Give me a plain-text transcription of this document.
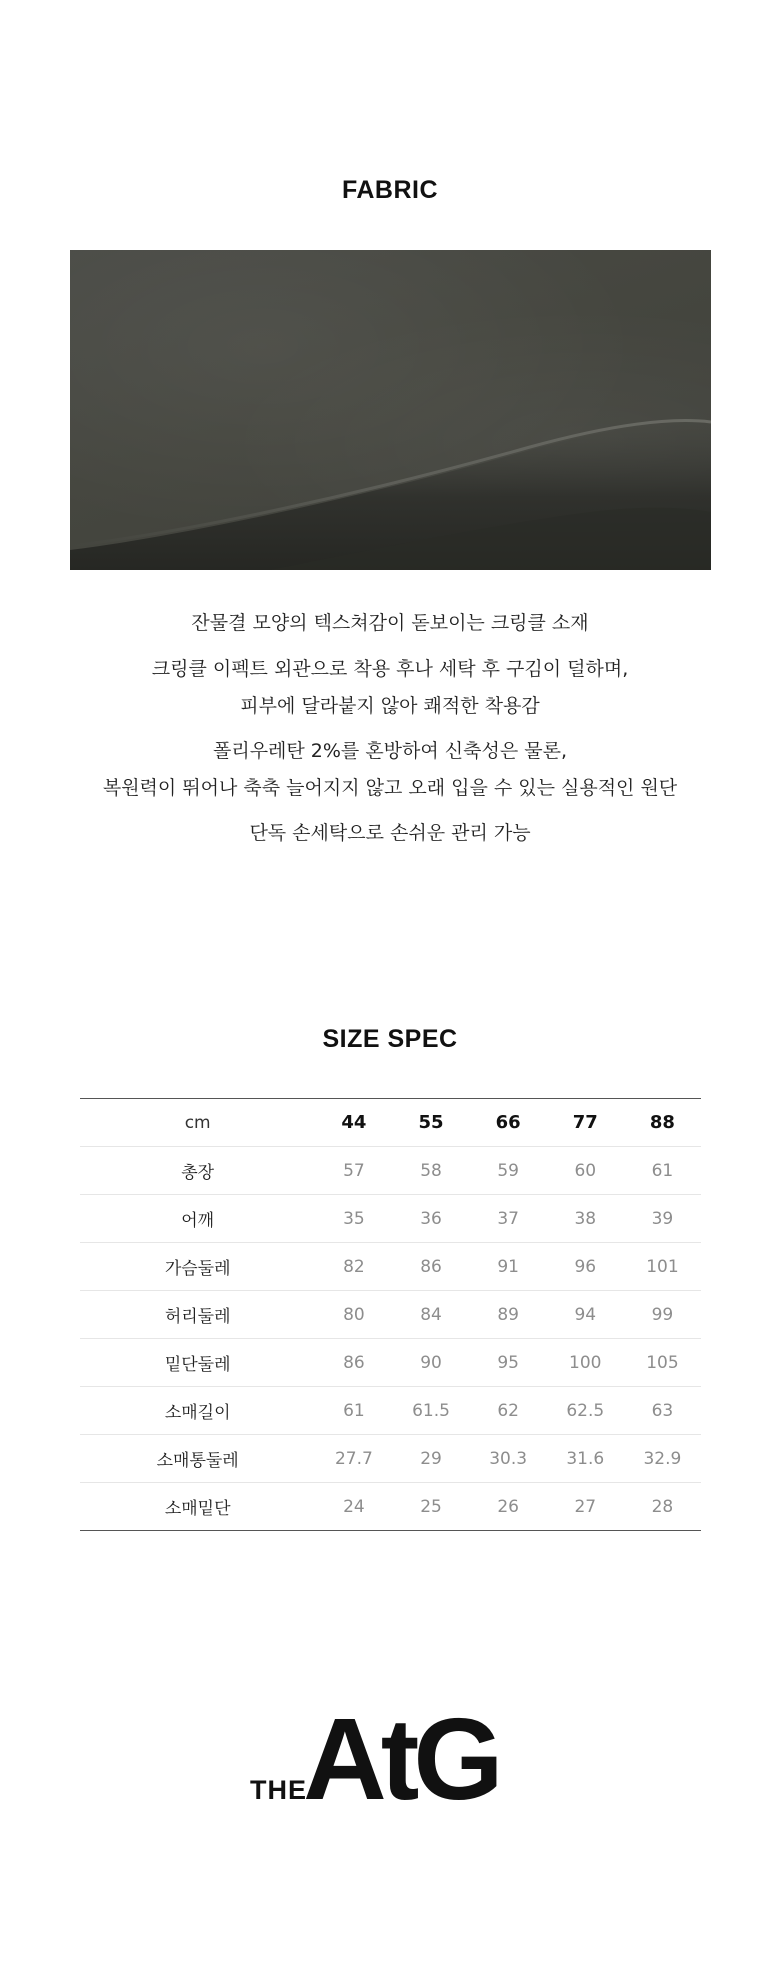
FABRIC
잔물결 모양의 텍스쳐감이 돋보이는 크링클 소재
크링클 이펙트 외관으로 착용 후나 세탁 후 구김이 덜하며,
피부에 달라붙지 않아 쾌적한 착용감
폴리우레탄 2%를 혼방하여 신축성은 물론,
복원력이 뛰어나 축축 늘어지지 않고 오래 입을 수 있는 실용적인 원단
단독 손세탁으로 손쉬운 관리 가능
SIZE SPEC
cm	44	55	66	77	88	
총장	57	58	59	60	61	
어깨	35	36	37	38	39	
가슴둘레	82	86	91	96	101	
허리둘레	80	84	89	94	99	
밑단둘레	86	90	95	100	105	
소매길이	61	61.5	62	62.5	63	
소매통둘레	27.7	29	30.3	31.6	32.9	
소매밑단	24	25	26	27	28	
THE
AtG
